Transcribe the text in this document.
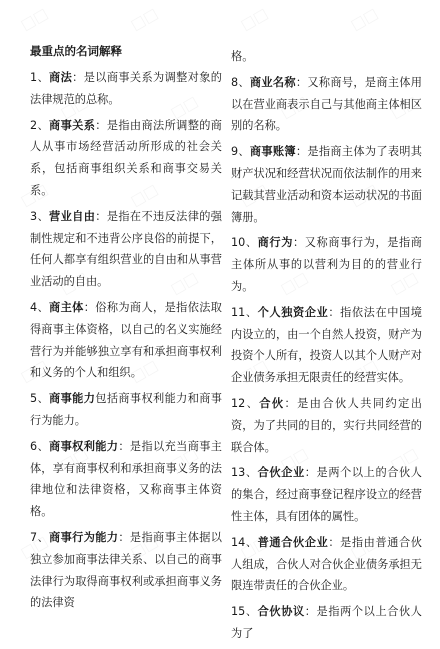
最重点的名词解释
1、商法：是以商事关系为调整对象的法律规范的总称。
2、商事关系：是指由商法所调整的商人从事市场经营活动所形成的社会关系，包括商事组织关系和商事交易关系。
3、营业自由：是指在不违反法律的强制性规定和不违背公序良俗的前提下，任何人都享有组织营业的自由和从事营业活动的自由。
4、商主体：俗称为商人，是指依法取得商事主体资格，以自己的名义实施经营行为并能够独立享有和承担商事权利和义务的个人和组织。
5、商事能力包括商事权利能力和商事行为能力。
6、商事权利能力：是指以充当商事主体，享有商事权利和承担商事义务的法律地位和法律资格，又称商事主体资格。
7、商事行为能力：是指商事主体据以独立参加商事法律关系、以自己的商事法律行为取得商事权利或承担商事义务的法律资
格。
8、商业名称：又称商号，是商主体用以在营业商表示自己与其他商主体相区别的名称。
9、商事账簿：是指商主体为了表明其财产状况和经营状况而依法制作的用来记载其营业活动和资本运动状况的书面簿册。
10、商行为：又称商事行为，是指商主体所从事的以营利为目的的营业行为。
11、个人独资企业：指依法在中国境内设立的，由一个自然人投资，财产为 投资个人所有，投资人以其个人财产对企业债务承担无限责任的经营实体。
12、合伙：是由合伙人共同约定出资，为了共同的目的，实行共同经营的联合体。
13、合伙企业：是两个以上的合伙人的集合，经过商事登记程序设立的经营性主体，具有团体的属性。
14、普通合伙企业：是指由普通合伙人组成，合伙人对合伙企业债务承担无限连带责任的合伙企业。
15、合伙协议：是指两个以上合伙人为了
